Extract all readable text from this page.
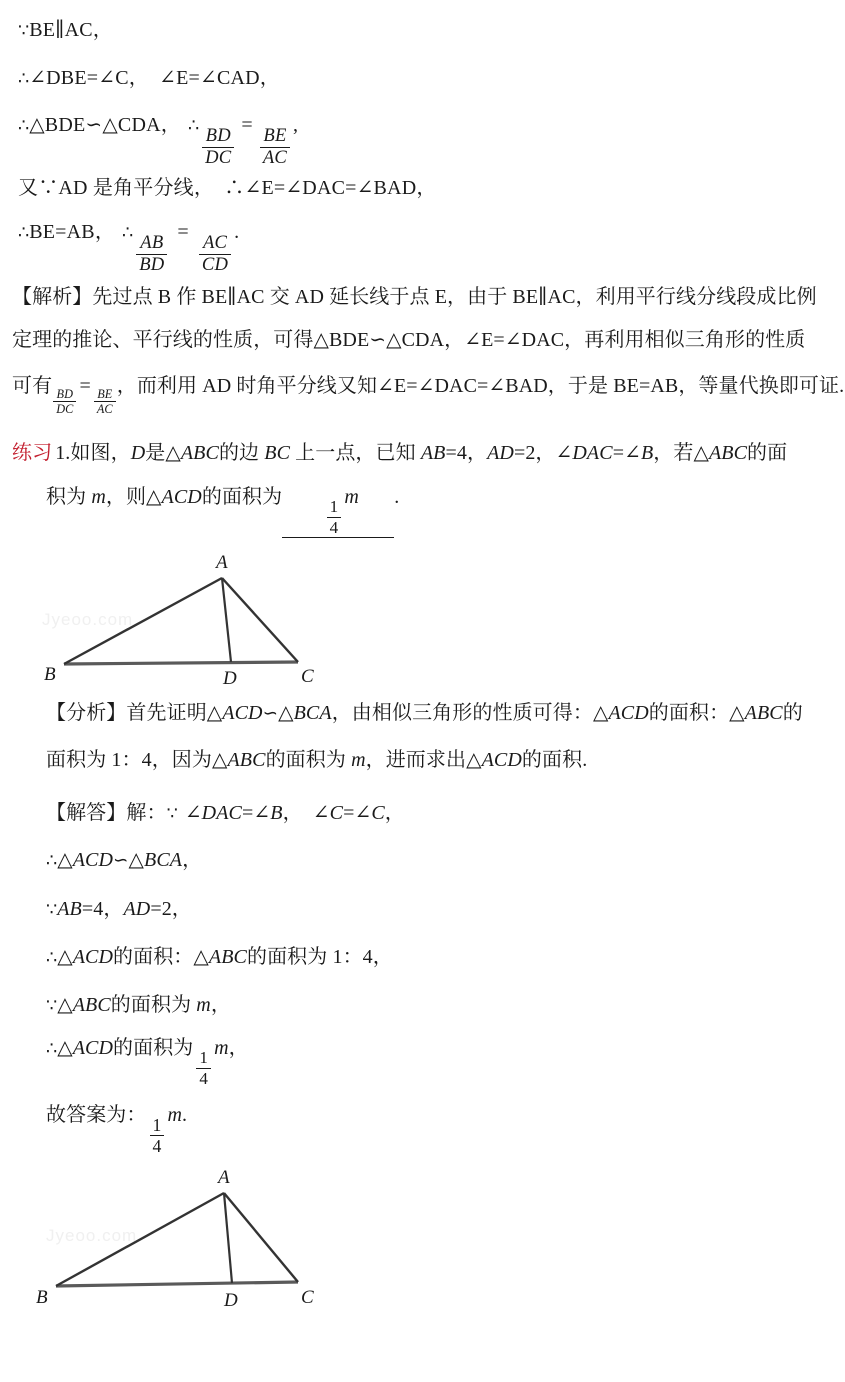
∵BE∥AC，
∴∠DBE=∠C，　∠E=∠CAD，
∴△BDE∽△CDA， ∴
$\frac{BD}{DC}$
=
$\frac{BE}{AC}$
,
又∵AD 是角平分线，　∴∠E=∠DAC=∠BAD，
∴BE=AB， ∴
$\frac{AB}{BD}$
=
$\frac{AC}{CD}$
.
【解析】先过点 B 作 BE∥AC 交 AD 延长线于点 E，由于 BE∥AC，利用平行线分线段成比例
定理的推论、平行线的性质，可得△BDE∽△CDA，∠E=∠DAC，再利用相似三角形的性质
可有
$\frac{BD}{DC}$
=
$\frac{BE}{AC}$
，而利用 AD 时角平分线又知∠E=∠DAC=∠BAD，于是 BE=AB，等量代换即可证.
练习 1.如图，D是△ABC的边 BC 上一点，已知 AB=4，AD=2，∠DAC=∠B，若△ABC的面
积为 m，则△ACD的面积为
$\frac{1}{4}$
m .
Jyeoo.com
A
B	D	C
【分析】首先证明△ACD∽△BCA，由相似三角形的性质可得：△ACD的面积：△ABC的
面积为 1：4，因为△ABC的面积为 m，进而求出△ACD的面积.
【解答】解：∵ ∠DAC=∠B，　∠C=∠C，
∴△ACD∽△BCA，
∵AB=4，AD=2，
∴△ACD的面积：△ABC的面积为 1：4，
∵△ABC的面积为 m，
∴△ACD的面积为
$\frac{1}{4}$
m，
故答案为：
$\frac{1}{4}$
m.
Jyeoo.com
A
B	D	C
